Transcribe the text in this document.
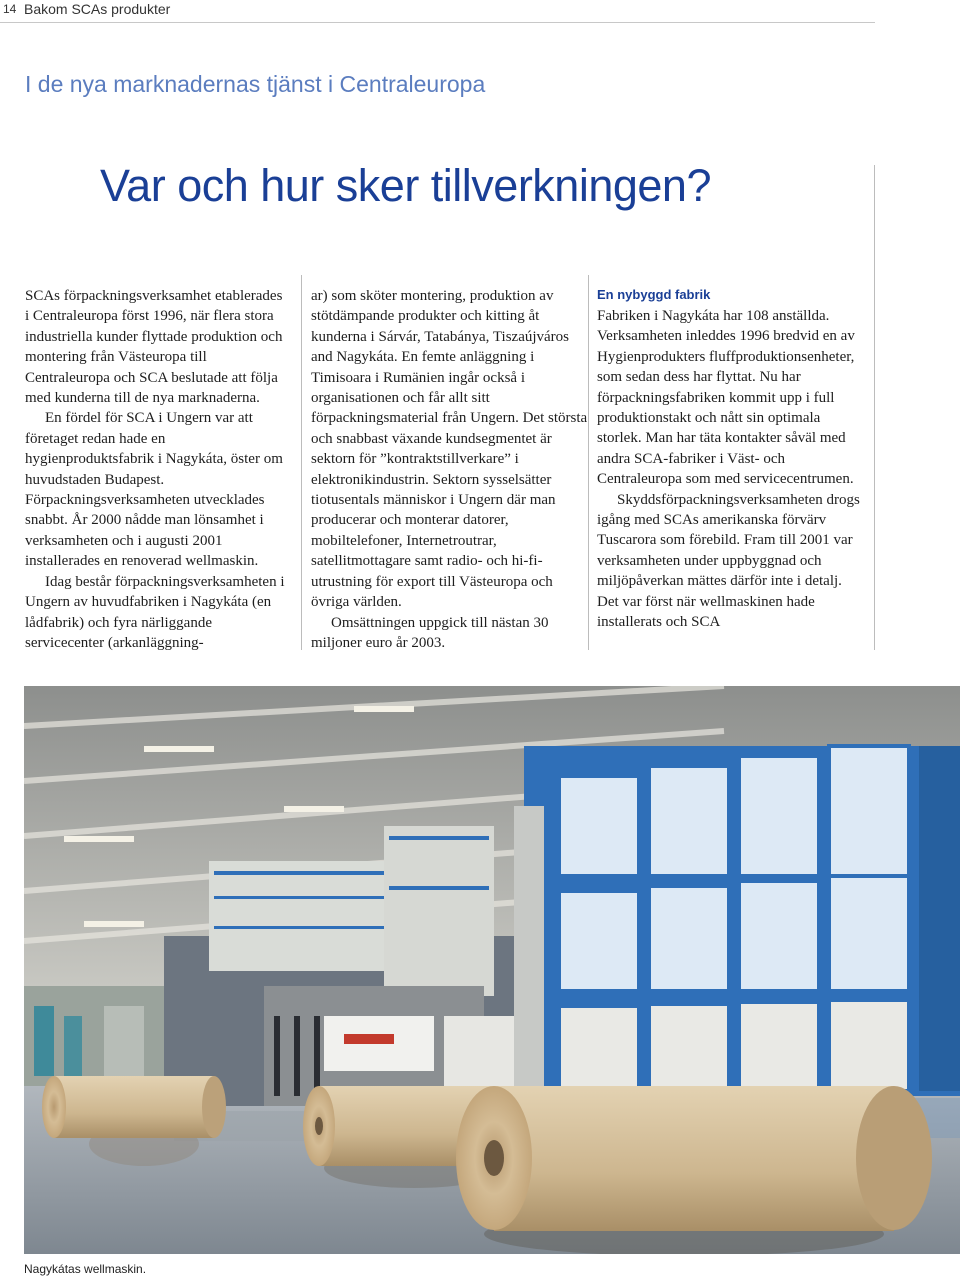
14 Bakom SCAs produkter
I de nya marknadernas tjänst i Centraleuropa
Var och hur sker tillverkningen?

SCAs förpackningsverksamhet etablerades i Centraleuropa först 1996, när flera stora industriella kunder flyttade produktion och montering från Västeuropa till Centraleuropa och SCA beslutade att följa med kunderna till de nya marknaderna.

En fördel för SCA i Ungern var att företaget redan hade en hygienproduktsfabrik i Nagykáta, öster om huvudstaden Budapest. Förpackningsverksamheten utvecklades snabbt. År 2000 nådde man lönsamhet i verksamheten och i augusti 2001 installerades en renoverad wellmaskin.

Idag består förpackningsverksamheten i Ungern av huvudfabriken i Nagykáta (en lådfabrik) och fyra närliggande servicecenter (arkanläggning-

ar) som sköter montering, produktion av stötdämpande produkter och kitting åt kunderna i Sárvár, Tatabánya, Tiszaújváros and Nagykáta. En femte anläggning i Timisoara i Rumänien ingår också i organisationen och får allt sitt förpackningsmaterial från Ungern. Det största och snabbast växande kundsegmentet är sektorn för ”kontraktstillverkare” i elektronikindustrin. Sektorn sysselsätter tiotusentals människor i Ungern där man producerar och monterar datorer, mobiltelefoner, Internetroutrar, satellitmottagare samt radio- och hi-fi-utrustning för export till Västeuropa och övriga världen.

Omsättningen uppgick till nästan 30 miljoner euro år 2003.

En nybyggd fabrik

Fabriken i Nagykáta har 108 anställda. Verksamheten inleddes 1996 bredvid en av Hygienprodukters fluffproduktionsenheter, som sedan dess har flyttat. Nu har förpackningsfabriken kommit upp i full produktionstakt och nått sin optimala storlek. Man har täta kontakter såväl med andra SCA-fabriker i Väst- och Centraleuropa som med servicecentrumen.

Skyddsförpackningsverksamheten drogs igång med SCAs amerikanska förvärv Tuscarora som förebild. Fram till 2001 var verksamheten under uppbyggnad och miljöpåverkan mättes därför inte i detalj. Det var först när wellmaskinen hade installerats och SCA

Nagykátas wellmaskin.
